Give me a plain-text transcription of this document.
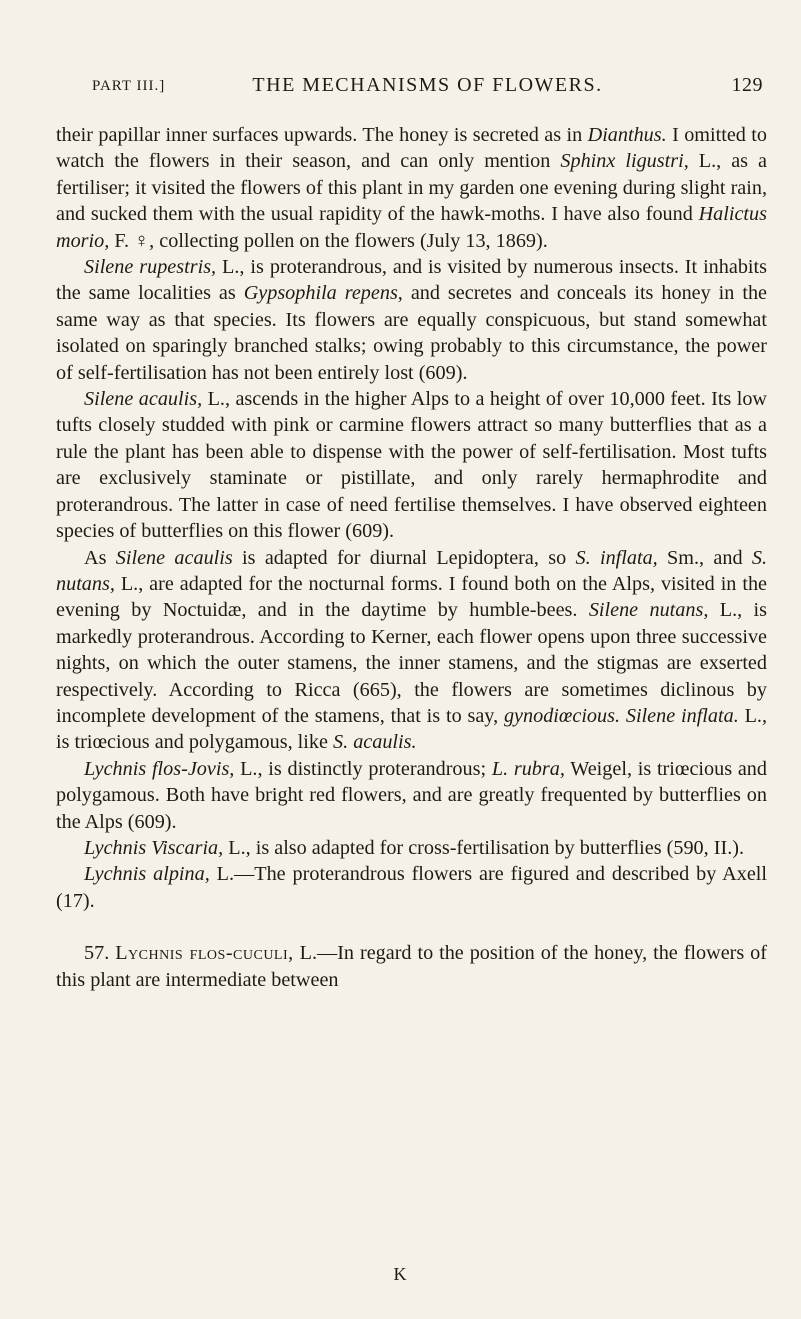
PART III.]	THE MECHANISMS OF FLOWERS.	129

their papillar inner surfaces upwards. The honey is secreted as in Dianthus. I omitted to watch the flowers in their season, and can only mention Sphinx ligustri, L., as a fertiliser; it visited the flowers of this plant in my garden one evening during slight rain, and sucked them with the usual rapidity of the hawk-moths. I have also found Halictus morio, F. ♀, collecting pollen on the flowers (July 13, 1869).

Silene rupestris, L., is proterandrous, and is visited by numerous insects. It inhabits the same localities as Gypsophila repens, and secretes and conceals its honey in the same way as that species. Its flowers are equally conspicuous, but stand somewhat isolated on sparingly branched stalks; owing probably to this circumstance, the power of self-fertilisation has not been entirely lost (609).

Silene acaulis, L., ascends in the higher Alps to a height of over 10,000 feet. Its low tufts closely studded with pink or carmine flowers attract so many butterflies that as a rule the plant has been able to dispense with the power of self-fertilisation. Most tufts are exclusively staminate or pistillate, and only rarely hermaphrodite and proterandrous. The latter in case of need fertilise themselves. I have observed eighteen species of butterflies on this flower (609).

As Silene acaulis is adapted for diurnal Lepidoptera, so S. inflata, Sm., and S. nutans, L., are adapted for the nocturnal forms. I found both on the Alps, visited in the evening by Noctuidæ, and in the daytime by humble-bees. Silene nutans, L., is markedly proterandrous. According to Kerner, each flower opens upon three successive nights, on which the outer stamens, the inner stamens, and the stigmas are exserted respectively. According to Ricca (665), the flowers are sometimes diclinous by incomplete development of the stamens, that is to say, gynodiœcious. Silene inflata. L., is triœcious and polygamous, like S. acaulis.

Lychnis flos-Jovis, L., is distinctly proterandrous; L. rubra, Weigel, is triœcious and polygamous. Both have bright red flowers, and are greatly frequented by butterflies on the Alps (609).

Lychnis Viscaria, L., is also adapted for cross-fertilisation by butterflies (590, II.).

Lychnis alpina, L.—The proterandrous flowers are figured and described by Axell (17).

57. Lychnis flos-cuculi, L.—In regard to the position of the honey, the flowers of this plant are intermediate between

K
